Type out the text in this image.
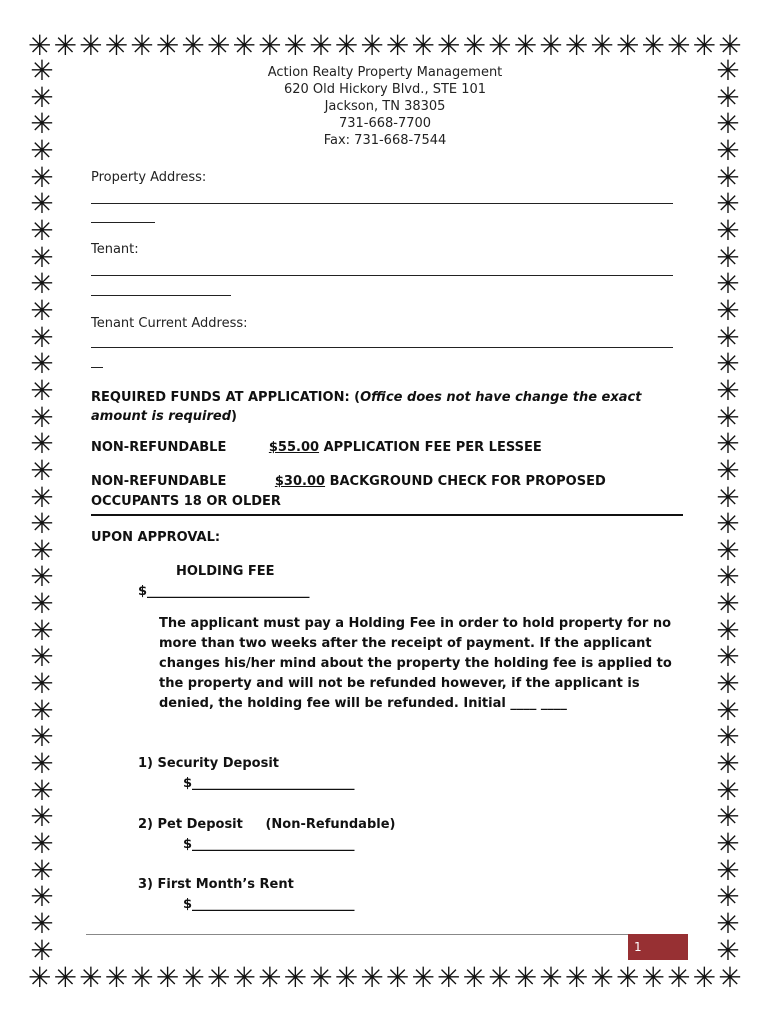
✳ ✳ ✳ ✳ ✳ ✳ ✳ ✳ ✳ ✳ ✳ ✳ ✳ ✳ ✳ ✳ ✳ ✳ ✳ ✳ ✳ ✳ ✳ ✳ ✳ ✳ ✳ ✳
✳ ✳ ✳ ✳ ✳ ✳ ✳ ✳ ✳ ✳ ✳ ✳ ✳ ✳ ✳ ✳ ✳ ✳ ✳ ✳ ✳ ✳ ✳ ✳ ✳ ✳ ✳ ✳
✳
✳
✳
✳
✳
✳
✳
✳
✳
✳
✳
✳
✳
✳
✳
✳
✳
✳
✳
✳
✳
✳
✳
✳
✳
✳
✳
✳
✳
✳
✳
✳
✳
✳
✳
✳
✳
✳
✳
✳
✳
✳
✳
✳
✳
✳
✳
✳
✳
✳
✳
✳
✳
✳
✳
✳
✳
✳
✳
✳
✳
✳
✳
✳
✳
✳
✳
✳
Action Realty Property Management
620 Old Hickory Blvd., STE 101
Jackson, TN 38305
731-668-7700
Fax: 731-668-7544
Property Address:
Tenant:
Tenant Current Address:
REQUIRED FUNDS AT APPLICATION: (Office does not have change the exact amount is required)
NON-REFUNDABLE	$55.00 APPLICATION FEE PER LESSEE
NON-REFUNDABLE	$30.00 BACKGROUND CHECK FOR PROPOSED
OCCUPANTS 18 OR OLDER
UPON APPROVAL:
HOLDING FEE
$_________________________
The applicant must pay a Holding Fee in order to hold property for no more than two weeks after the receipt of payment. If the applicant changes his/her mind about the property the holding fee is applied to the property and will not be refunded however, if the applicant is denied, the holding fee will be refunded. Initial ____ ____
1) Security Deposit
$_________________________
2) Pet Deposit     (Non-Refundable)
$_________________________
3) First Month’s Rent
$_________________________
1
